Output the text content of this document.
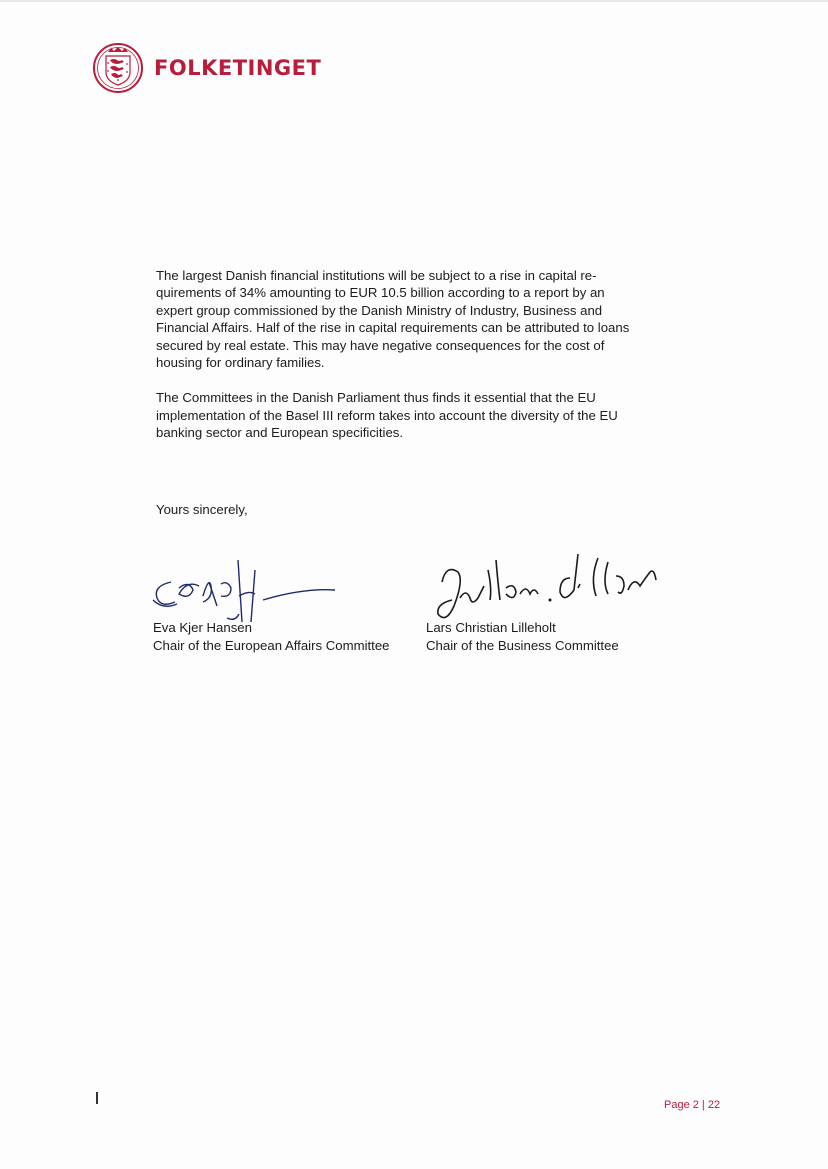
FOLKETINGET

The largest Danish financial institutions will be subject to a rise in capital re-quirements of 34% amounting to EUR 10.5 billion according to a report by an expert group commissioned by the Danish Ministry of Industry, Business and Financial Affairs. Half of the rise in capital requirements can be attributed to loans secured by real estate. This may have negative consequences for the cost of housing for ordinary families.

The Committees in the Danish Parliament thus finds it essential that the EU implementation of the Basel III reform takes into account the diversity of the EU banking sector and European specificities.

Yours sincerely,
Eva Kjer Hansen
Chair of the European Affairs Committee
Lars Christian Lilleholt
Chair of the Business Committee
Page 2 | 22
